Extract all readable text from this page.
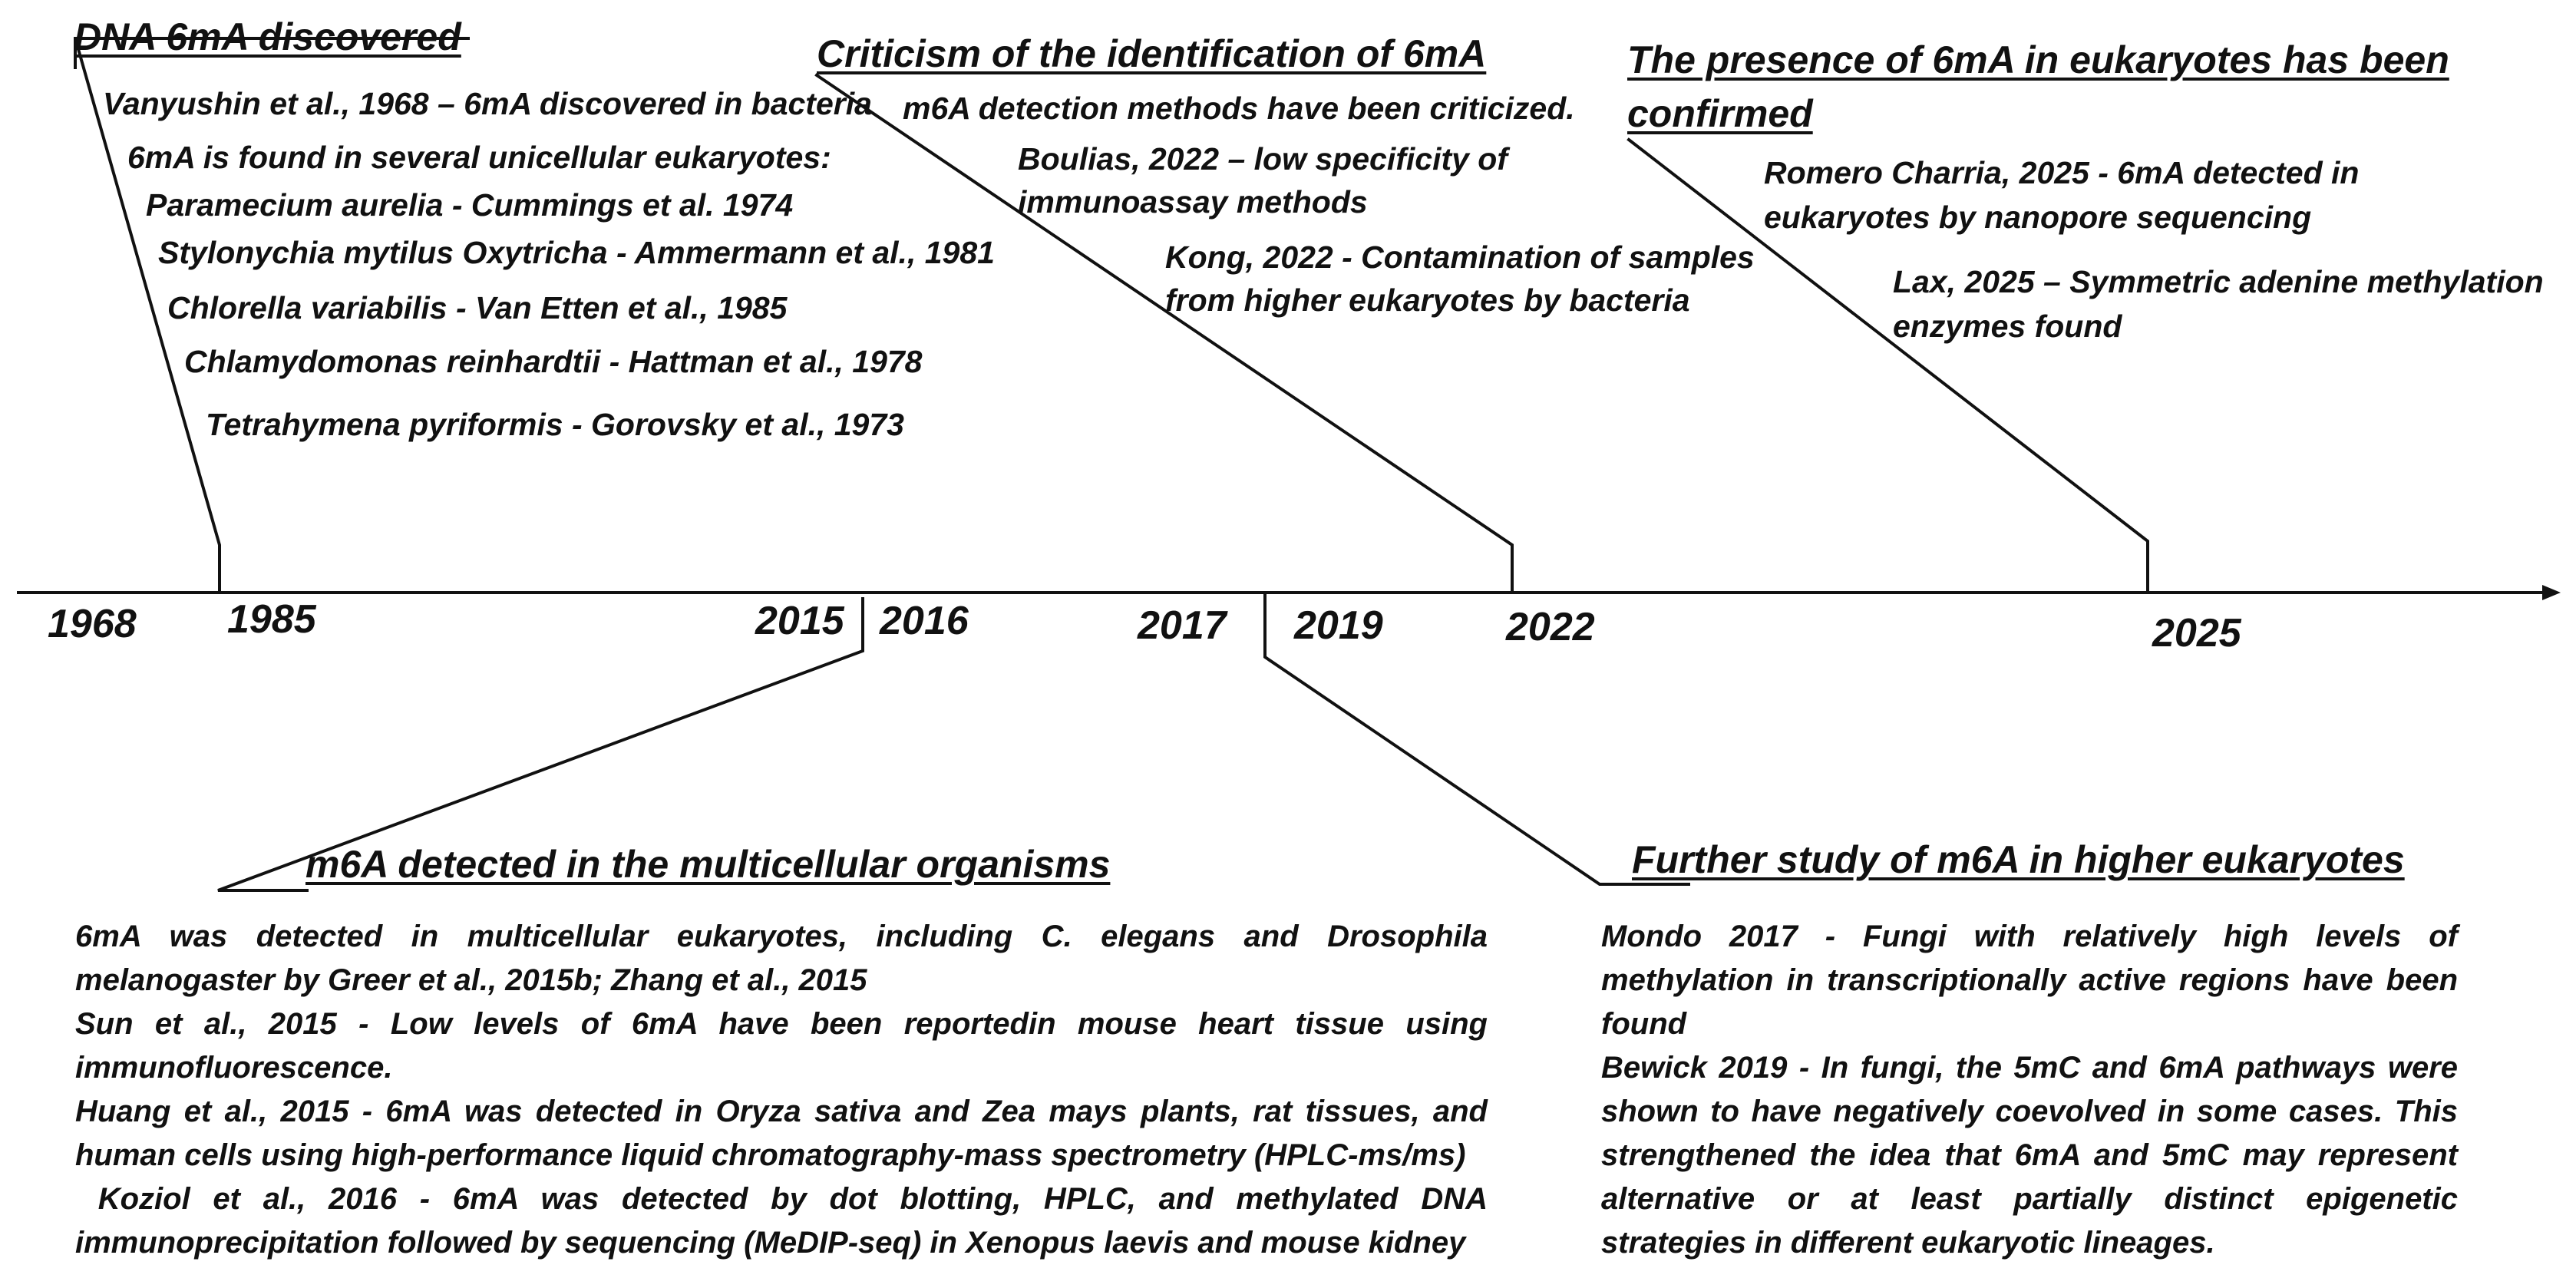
1968 1985	2015 2016	2017 2019	2022	2025
DNA 6mA discovered
Vanyushin et al., 1968 – 6mA discovered in bacteria
6mA is found in several unicellular eukaryotes:
Paramecium aurelia - Cummings et al. 1974
Stylonychia mytilus Oxytricha - Ammermann et al., 1981
Chlorella variabilis - Van Etten et al., 1985
Chlamydomonas reinhardtii - Hattman et al., 1978
Tetrahymena pyriformis - Gorovsky et al., 1973
Criticism of the identification of 6mA
m6A detection methods have been criticized.
Boulias, 2022 – low specificity of
immunoassay methods
Kong, 2022 - Contamination of samples
from higher eukaryotes by bacteria
The presence of 6mA in eukaryotes has been
confirmed
Romero Charria, 2025 - 6mA detected in
eukaryotes by nanopore sequencing
Lax, 2025 – Symmetric adenine methylation
enzymes found
m6A detected in the multicellular organisms

6mA was detected in multicellular eukaryotes, including C. elegans and Drosophila melanogaster by Greer et al., 2015b; Zhang et al., 2015

Sun et al., 2015 - Low levels of 6mA have been reportedin mouse heart tissue using immunofluorescence.

Huang et al., 2015 - 6mA was detected in Oryza sativa and Zea mays plants, rat tissues, and human cells using high-performance liquid chromatography-mass spectrometry (HPLC-ms/ms)

Koziol et al., 2016 - 6mA was detected by dot blotting, HPLC, and methylated DNA immunoprecipitation followed by sequencing (MeDIP-seq) in Xenopus laevis and mouse kidney

Further study of m6A in higher eukaryotes

Mondo 2017 - Fungi with relatively high levels of methylation in transcriptionally active regions have been found

Bewick 2019 - In fungi, the 5mC and 6mA pathways were shown to have negatively coevolved in some cases. This strengthened the idea that 6mA and 5mC may represent alternative or at least partially distinct epigenetic strategies in different eukaryotic lineages.
